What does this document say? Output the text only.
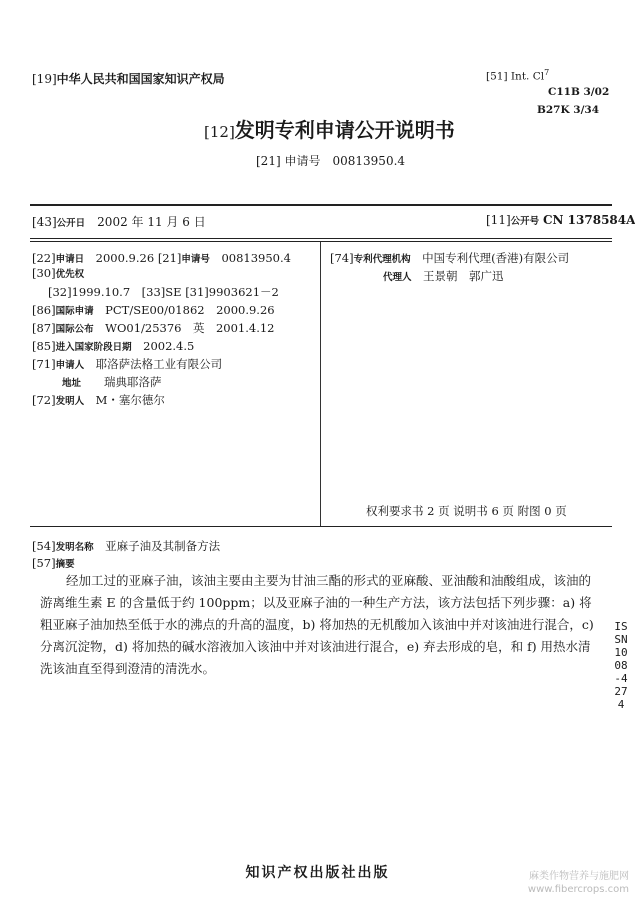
[19]中华人民共和国国家知识产权局	[51] Int. Cl$^7$
C11B 3/02
B27K 3/34
[12]发明专利申请公开说明书
[21] 申请号　 00813950.4
[43]公开日　 2002 年 11 月 6 日	[11]公开号 CN 1378584A
[22]申请日　 2000.9.26 [21]申请号　 00813950.4
[30]优先权
[32]1999.10.7　 [33]SE [31]9903621－2
[86]国际申请　 PCT/SE00/01862　2000.9.26
[87]国际公布　 WO01/25376　英　2001.4.12
[85]进入国家阶段日期　 2002.4.5
[71]申请人　 耶洛萨法格工业有限公司
地址　　 瑞典耶洛萨
[72]发明人　 M・塞尔德尔
[74]专利代理机构　 中国专利代理(香港)有限公司
代理人　 王景朝　郭广迅
权利要求书 2 页 说明书 6 页 附图 0 页
[54]发明名称　 亚麻子油及其制备方法
[57]摘要

经加工过的亚麻子油，该油主要由主要为甘油三酯的形式的亚麻酸、亚油酸和油酸组成，该油的游离维生素 E 的含量低于约 100ppm；以及亚麻子油的一种生产方法，该方法包括下列步骤：a) 将粗亚麻子油加热至低于水的沸点的升高的温度，b) 将加热的无机酸加入该油中并对该油进行混合，c) 分离沉淀物，d) 将加热的碱水溶液加入该油中并对该油进行混合，e) 弃去形成的皂，和 f) 用热水清洗该油直至得到澄清的清洗水。

ISSN1008-4274
知识产权出版社出版	麻类作物营养与施肥网
www.fibercrops.com
